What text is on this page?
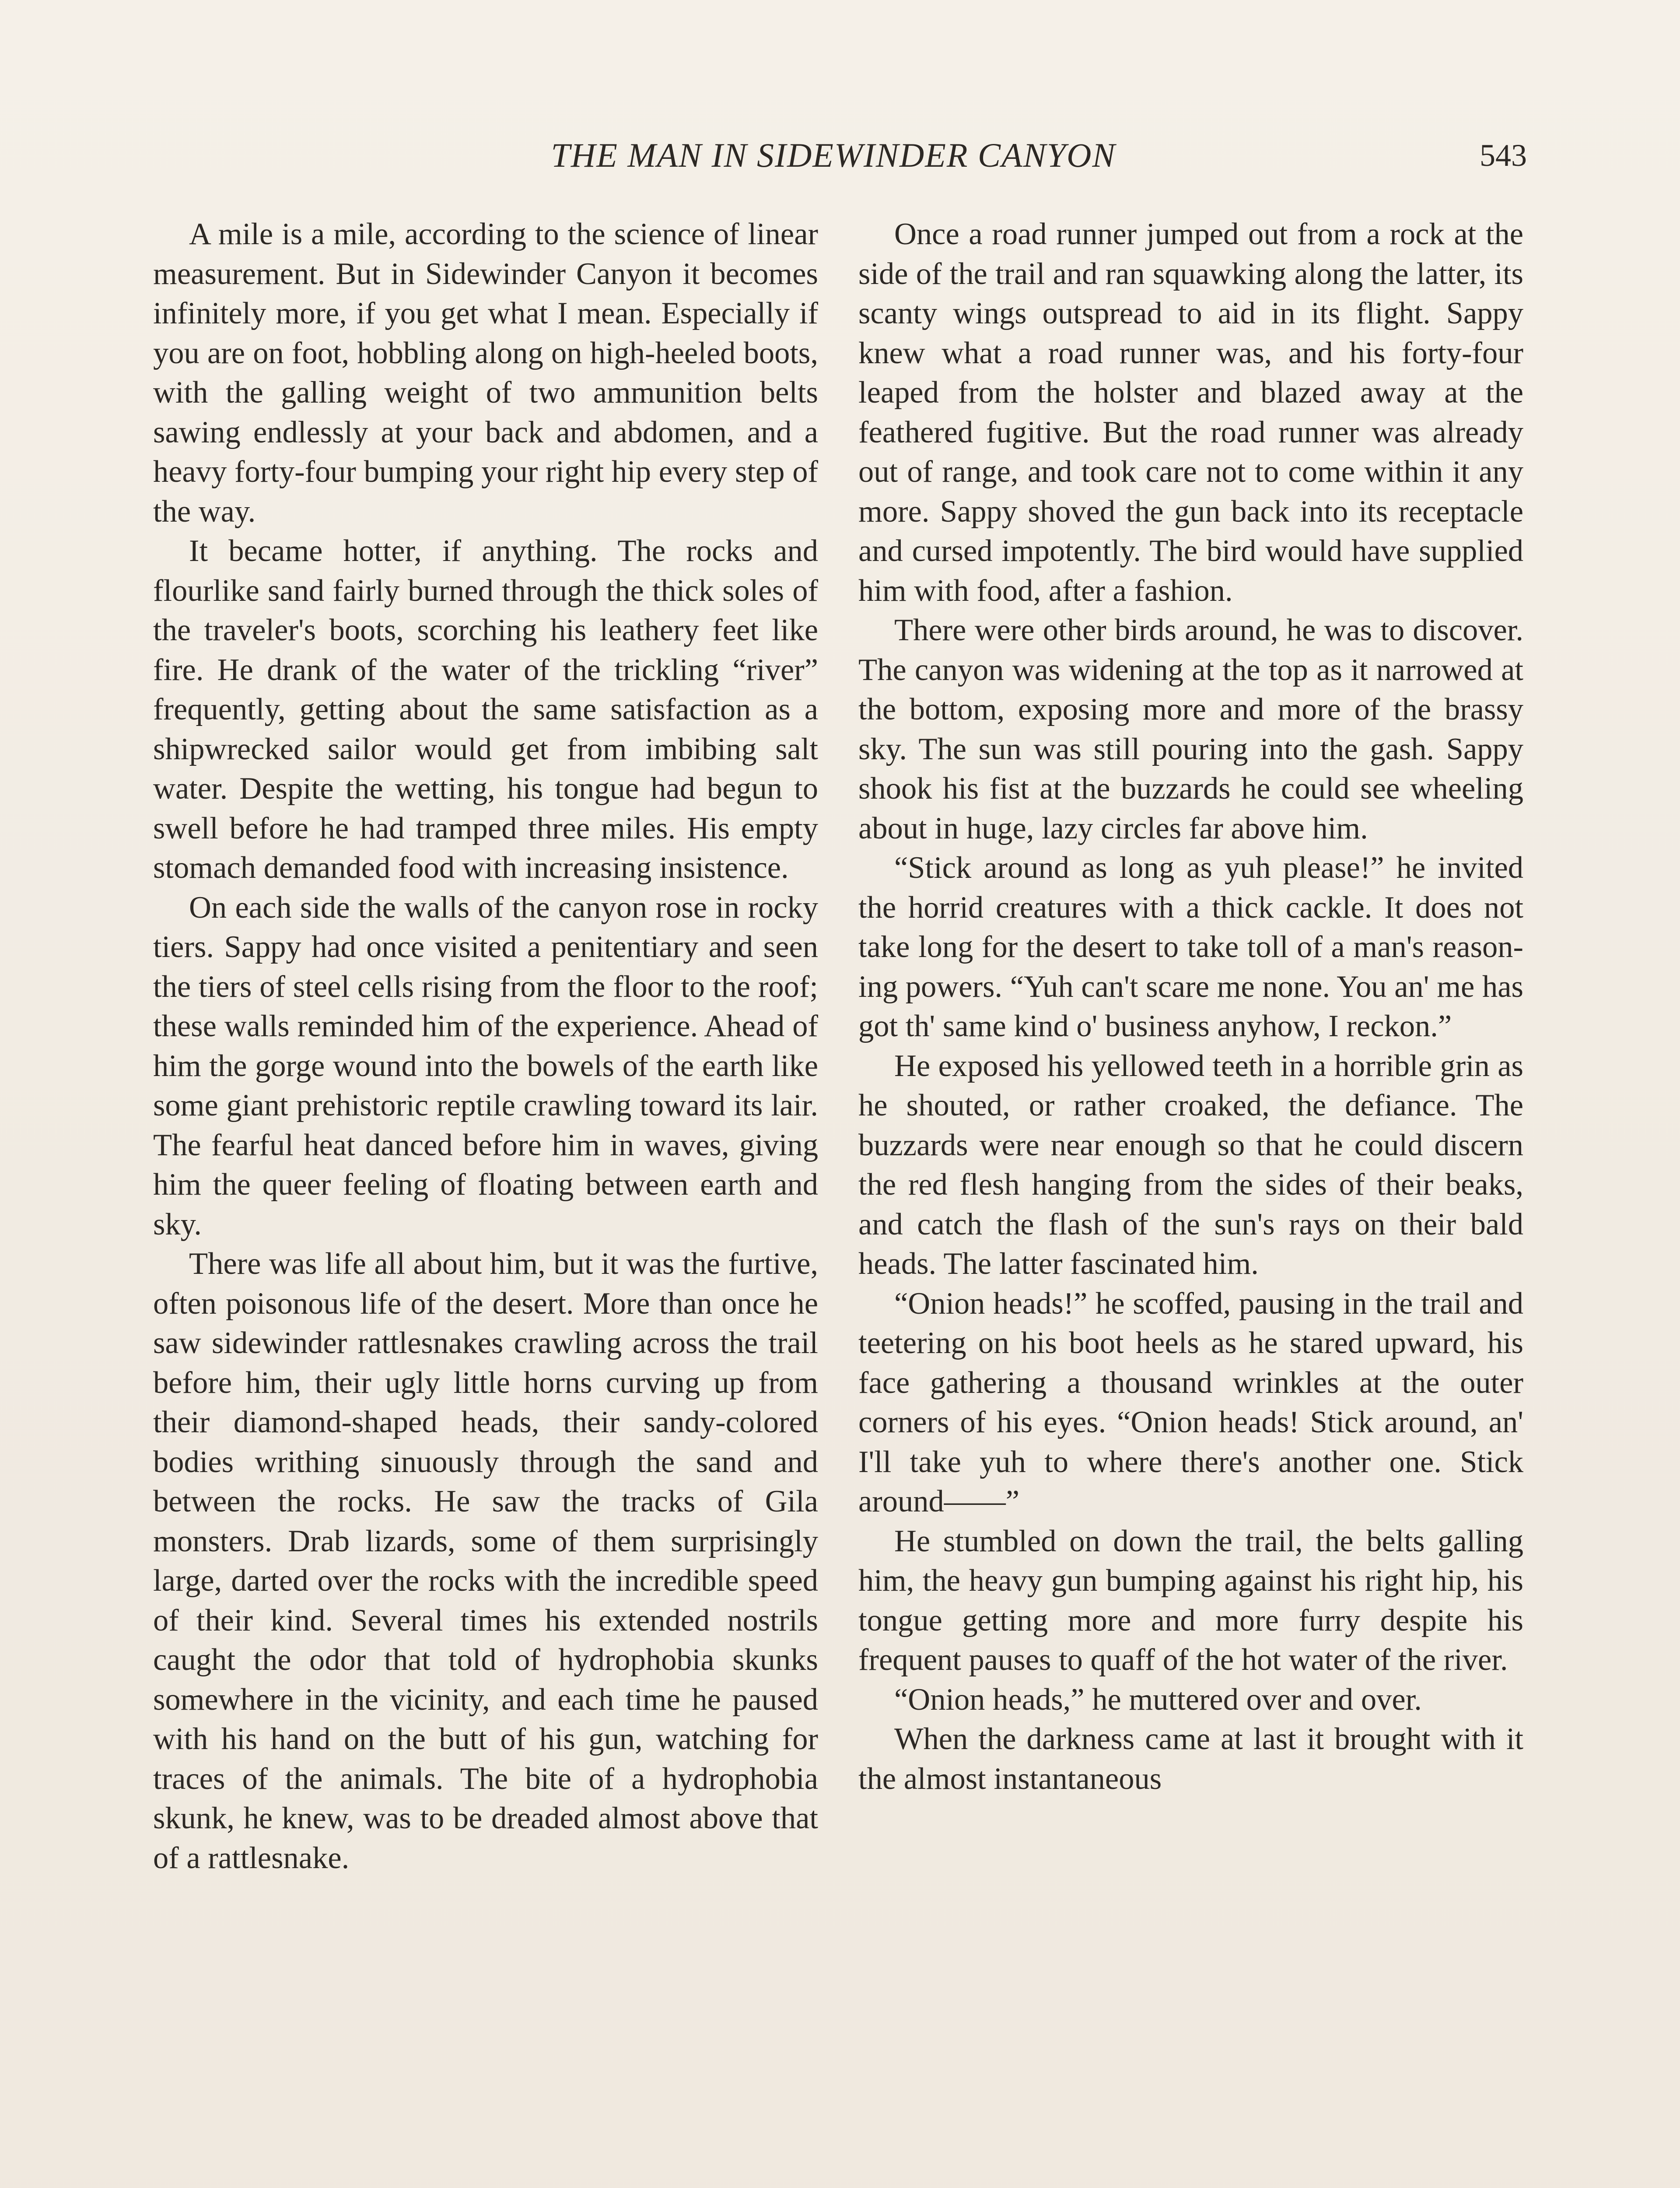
THE MAN IN SIDEWINDER CANYON	543

A mile is a mile, according to the science of linear measurement. But in Sidewinder Canyon it becomes infinitely more, if you get what I mean. Especially if you are on foot, hobbling along on high-heeled boots, with the galling weight of two ammunition belts sawing endlessly at your back and abdomen, and a heavy forty-four bumping your right hip every step of the way.

It became hotter, if anything. The rocks and flourlike sand fairly burned through the thick soles of the traveler's boots, scorching his leathery feet like fire. He drank of the water of the trickling “river” frequently, getting about the same satisfaction as a shipwrecked sailor would get from imbibing salt water. Despite the wetting, his tongue had begun to swell before he had tramped three miles. His empty stomach demanded food with increasing insistence.

On each side the walls of the canyon rose in rocky tiers. Sappy had once visited a penitentiary and seen the tiers of steel cells rising from the floor to the roof; these walls reminded him of the experience. Ahead of him the gorge wound into the bowels of the earth like some giant prehistoric reptile crawling toward its lair. The fearful heat danced before him in waves, giving him the queer feeling of floating between earth and sky.

There was life all about him, but it was the furtive, often poisonous life of the desert. More than once he saw sidewinder rattlesnakes crawling across the trail before him, their ugly little horns curving up from their diamond-shaped heads, their sandy-colored bodies writhing sinuously through the sand and between the rocks. He saw the tracks of Gila monsters. Drab lizards, some of them surprisingly large, darted over the rocks with the incredible speed of their kind. Several times his extended nostrils caught the odor that told of hydrophobia skunks somewhere in the vicinity, and each time he paused with his hand on the butt of his gun, watching for traces of the animals. The bite of a hydrophobia skunk, he knew, was to be dreaded almost above that of a rattlesnake.

Once a road runner jumped out from a rock at the side of the trail and ran squawking along the latter, its scanty wings outspread to aid in its flight. Sappy knew what a road runner was, and his forty-four leaped from the holster and blazed away at the feathered fugitive. But the road runner was already out of range, and took care not to come within it any more. Sappy shoved the gun back into its receptacle and cursed impotently. The bird would have supplied him with food, after a fashion.

There were other birds around, he was to discover. The canyon was widening at the top as it narrowed at the bottom, exposing more and more of the brassy sky. The sun was still pouring into the gash. Sappy shook his fist at the buzzards he could see wheeling about in huge, lazy circles far above him.

“Stick around as long as yuh please!” he invited the horrid creatures with a thick cackle. It does not take long for the desert to take toll of a man's reasoning powers. “Yuh can't scare me none. You an' me has got th' same kind o' business anyhow, I reckon.”

He exposed his yellowed teeth in a horrible grin as he shouted, or rather croaked, the defiance. The buzzards were near enough so that he could discern the red flesh hanging from the sides of their beaks, and catch the flash of the sun's rays on their bald heads. The latter fascinated him.

“Onion heads!” he scoffed, pausing in the trail and teetering on his boot heels as he stared upward, his face gathering a thousand wrinkles at the outer corners of his eyes. “Onion heads! Stick around, an' I'll take yuh to where there's another one. Stick around——”

He stumbled on down the trail, the belts galling him, the heavy gun bumping against his right hip, his tongue getting more and more furry despite his frequent pauses to quaff of the hot water of the river.

“Onion heads,” he muttered over and over.

When the darkness came at last it brought with it the almost instantaneous
